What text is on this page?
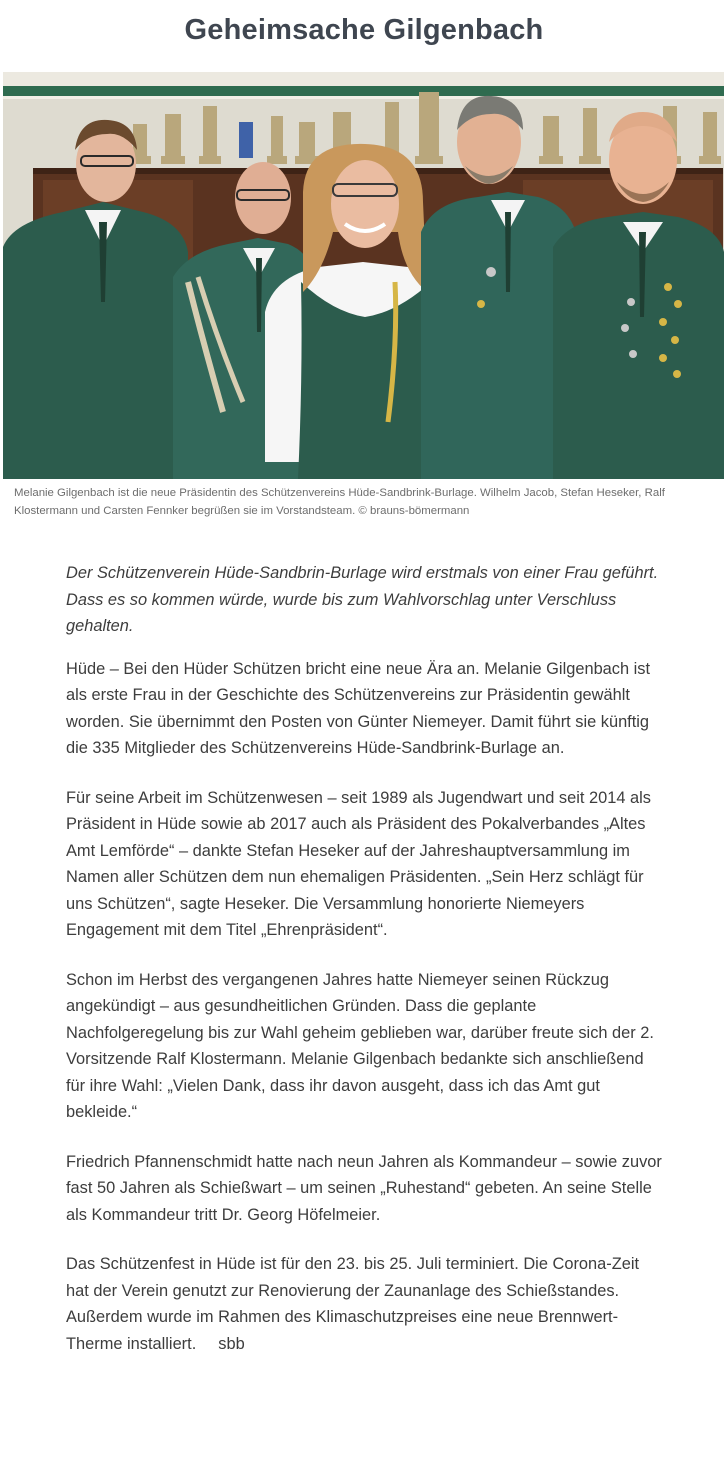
Geheimsache Gilgenbach
Melanie Gilgenbach ist die neue Präsidentin des Schützenvereins Hüde-Sandbrink-Burlage. Wilhelm Jacob, Stefan Heseker, Ralf Klostermann und Carsten Fennker begrüßen sie im Vorstandsteam. © brauns-bömermann

Der Schützenverein Hüde-Sandbrin-Burlage wird erstmals von einer Frau geführt. Dass es so kommen würde, wurde bis zum Wahlvorschlag unter Verschluss gehalten.

Hüde – Bei den Hüder Schützen bricht eine neue Ära an. Melanie Gilgenbach ist als erste Frau in der Geschichte des Schützenvereins zur Präsidentin gewählt worden. Sie übernimmt den Posten von Günter Niemeyer. Damit führt sie künftig die 335 Mitglieder des Schützenvereins Hüde-Sandbrink-Burlage an.

Für seine Arbeit im Schützenwesen – seit 1989 als Jugendwart und seit 2014 als Präsident in Hüde sowie ab 2017 auch als Präsident des Pokalverbandes „Altes Amt Lemförde“ – dankte Stefan Heseker auf der Jahreshauptversammlung im Namen aller Schützen dem nun ehemaligen Präsidenten. „Sein Herz schlägt für uns Schützen“, sagte Heseker. Die Versammlung honorierte Niemeyers Engagement mit dem Titel „Ehrenpräsident“.

Schon im Herbst des vergangenen Jahres hatte Niemeyer seinen Rückzug angekündigt – aus gesundheitlichen Gründen. Dass die geplante Nachfolgeregelung bis zur Wahl geheim geblieben war, darüber freute sich der 2. Vorsitzende Ralf Klostermann. Melanie Gilgenbach bedankte sich anschließend für ihre Wahl: „Vielen Dank, dass ihr davon ausgeht, dass ich das Amt gut bekleide.“

Friedrich Pfannenschmidt hatte nach neun Jahren als Kommandeur – sowie zuvor fast 50 Jahren als Schießwart – um seinen „Ruhestand“ gebeten. An seine Stelle als Kommandeur tritt Dr. Georg Höfelmeier.

Das Schützenfest in Hüde ist für den 23. bis 25. Juli terminiert. Die Corona-Zeit hat der Verein genutzt zur Renovierung der Zaunanlage des Schießstandes. Außerdem wurde im Rahmen des Klimaschutzpreises eine neue Brennwert-Therme installiert. sbb
